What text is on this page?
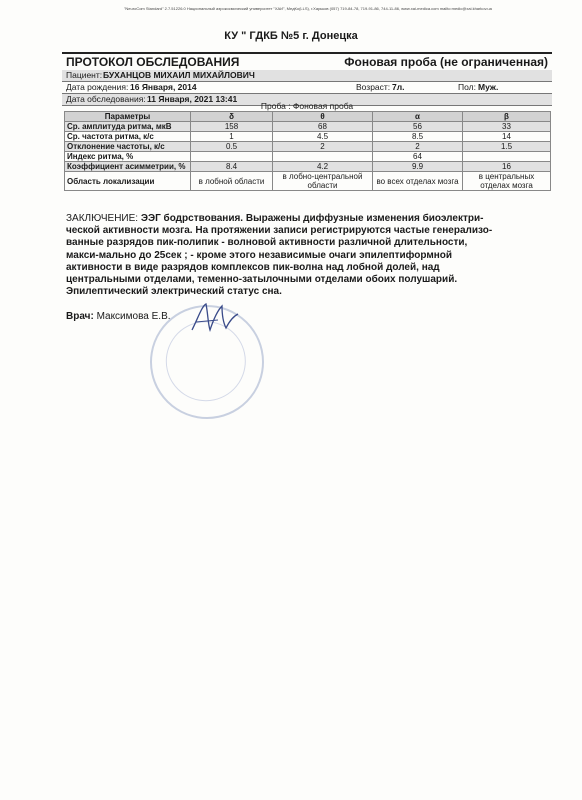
"NeuroCom Standard" 2.7.51226.0 Национальный аэрокосмический университет "ХАИ", МедКо(LLS), г.Харьков (057) 719-84-78, 719-91-86, 744-11-86, www.xai-medica.com mailto:medic@xai.kharkov.ua
КУ " ГДКБ №5 г. Донецка
ПРОТОКОЛ ОБСЛЕДОВАНИЯ	Фоновая проба (не ограниченная)
Пациент: БУХАНЦОВ МИХАИЛ МИХАЙЛОВИЧ
Дата рождения: 16 Января, 2014	Возраст: 7л.	Пол: Муж.
Дата обследования: 11 Января, 2021 13:41
Проба : Фоновая проба
Параметры	δ	θ	α	β
Ср. амплитуда ритма, мкВ	158	68	56	33
Ср. частота ритма, к/с	1	4.5	8.5	14
Отклонение частоты, к/с	0.5	2	2	1.5
Индекс ритма, %			64	
Коэффициент асимметрии, %	8.4	4.2	9.9	16
Область локализации	в лобной области	в лобно-центральной области	во всех отделах мозга	в центральных отделах мозга
ЗАКЛЮЧЕНИЕ: ЭЭГ бодрствования. Выражены диффузные изменения биоэлектри-
ческой активности мозга. На протяжении записи регистрируются частые генерализо-
ванные разрядов пик-полипик - волновой активности различной длительности,
макси-мально до 25сек ; - кроме этого независимые очаги эпилептиформной
активности в виде разрядов комплексов пик-волна над лобной долей, над
центральными отделами, теменно-затылочными отделами обоих полушарий.
Эпилептический электрический статус сна.
Врач: Максимова Е.В.
